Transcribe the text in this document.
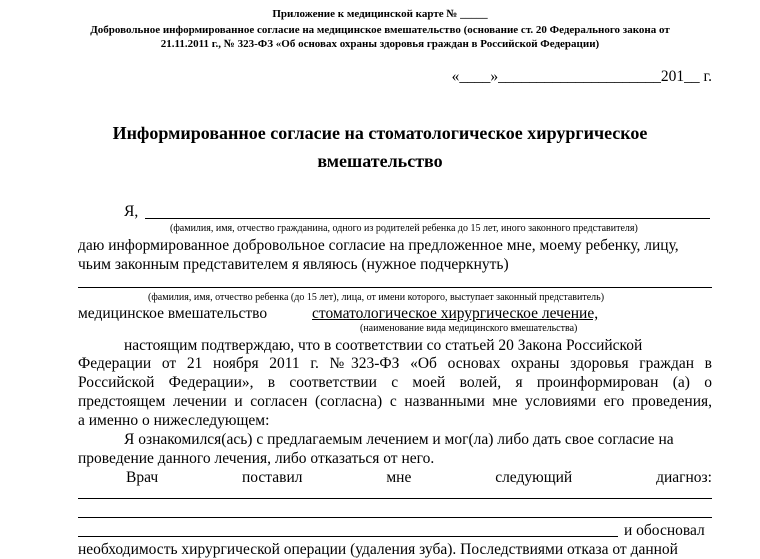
Приложение к медицинской карте № _____
Добровольное информированное согласие на медицинское вмешательство (основание ст. 20 Федерального закона от
21.11.2011 г., № 323-ФЗ «Об основах охраны здоровья граждан в Российской Федерации)
«____»_____________________201__ г.
Информированное согласие на стоматологическое хирургическое
вмешательство
Я,
(фамилия, имя, отчество гражданина, одного из родителей ребенка до 15 лет, иного законного представителя)
даю информированное добровольное согласие на предложенное мне, моему ребенку, лицу,
чьим законным представителем я являюсь (нужное подчеркнуть)
(фамилия, имя, отчество ребенка (до 15 лет), лица, от имени которого, выступает законный представитель)
медицинское вмешательство	стоматологическое хирургическое лечение,
(наименование вида медицинского вмешательства)
настоящим подтверждаю, что в соответствии со статьей 20 Закона Российской
Федерации от 21 ноября 2011 г. №323-ФЗ «Об основах охраны здоровья граждан в
Российской Федерации», в соответствии с моей волей, я проинформирован (а) о
предстоящем лечении и согласен (согласна) с названными мне условиями его проведения,
а именно о нижеследующем:
Я ознакомился(ась) с предлагаемым лечением и мог(ла) либо дать свое согласие на
проведение данного лечения, либо отказаться от него.
Врач	поставил	мне	следующий	диагноз:
и обосновал
необходимость хирургической операции (удаления зуба). Последствиями отказа от данной
